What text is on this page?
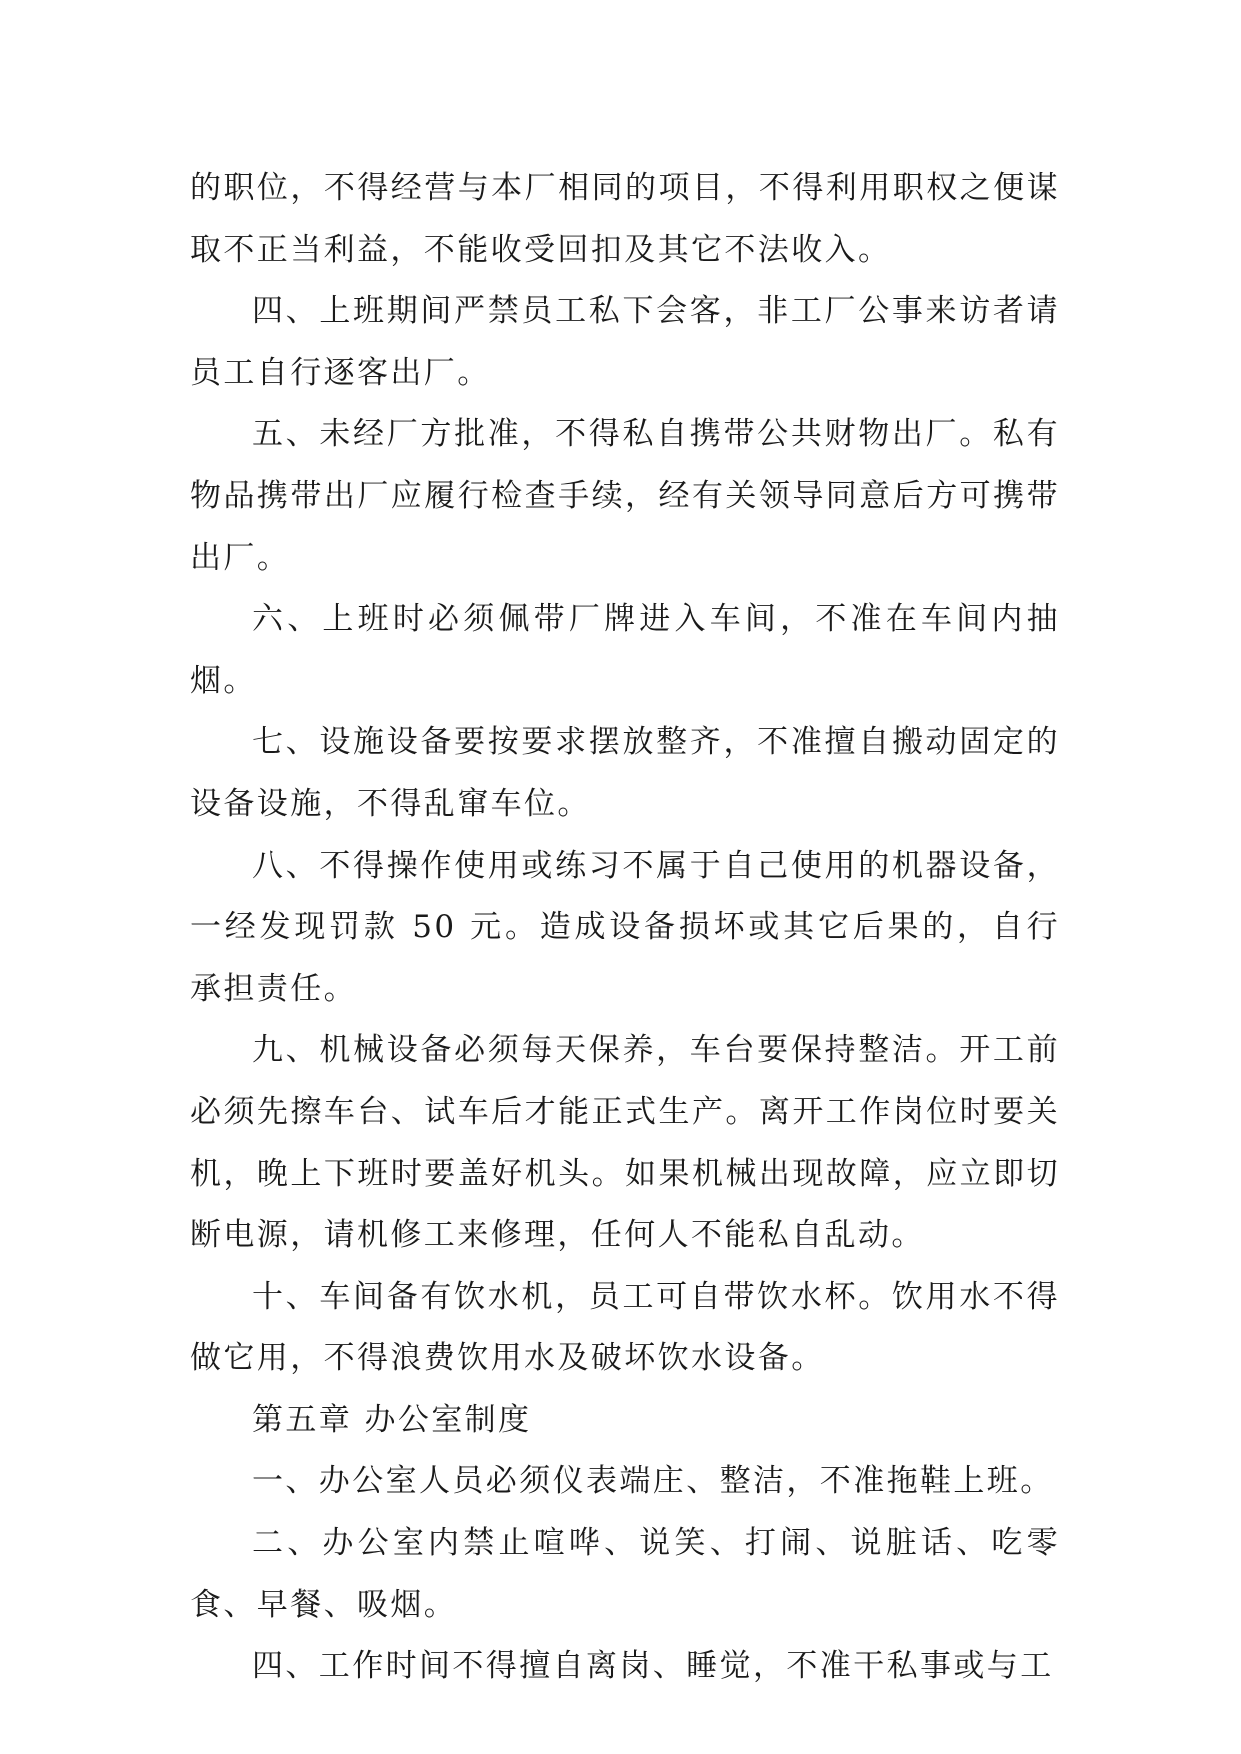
的职位，不得经营与本厂相同的项目，不得利用职权之便谋取不正当利益，不能收受回扣及其它不法收入。

四、上班期间严禁员工私下会客，非工厂公事来访者请员工自行逐客出厂。

五、未经厂方批准，不得私自携带公共财物出厂。私有物品携带出厂应履行检查手续，经有关领导同意后方可携带出厂。

六、上班时必须佩带厂牌进入车间，不准在车间内抽烟。

七、设施设备要按要求摆放整齐，不准擅自搬动固定的设备设施，不得乱窜车位。

八、不得操作使用或练习不属于自己使用的机器设备，一经发现罚款 50 元。造成设备损坏或其它后果的，自行承担责任。

九、机械设备必须每天保养，车台要保持整洁。开工前必须先擦车台、试车后才能正式生产。离开工作岗位时要关机，晚上下班时要盖好机头。如果机械出现故障，应立即切断电源，请机修工来修理，任何人不能私自乱动。

十、车间备有饮水机，员工可自带饮水杯。饮用水不得做它用，不得浪费饮用水及破坏饮水设备。

第五章 办公室制度

一、办公室人员必须仪表端庄、整洁，不准拖鞋上班。

二、办公室内禁止喧哗、说笑、打闹、说脏话、吃零食、早餐、吸烟。

四、工作时间不得擅自离岗、睡觉，不准干私事或与工
